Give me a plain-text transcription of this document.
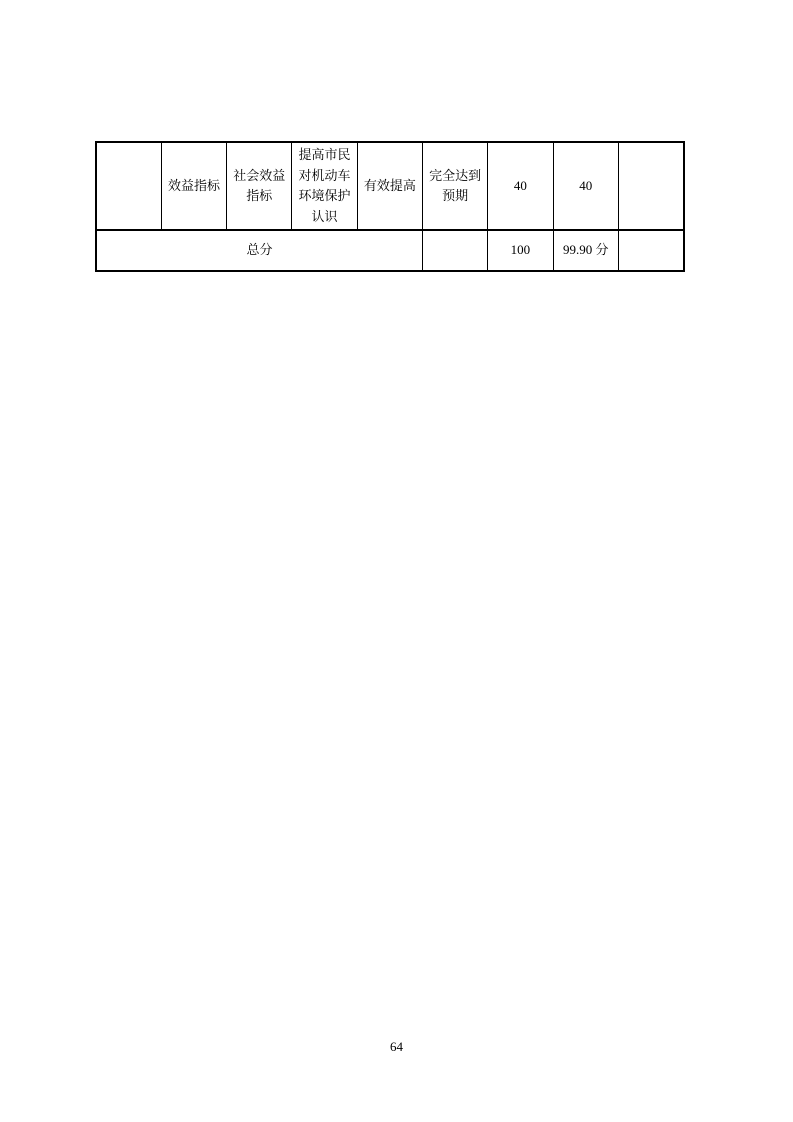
	效益指标	社会效益指标	提高市民对机动车环境保护认识	有效提高	完全达到预期	40	40	
总分						100	99.90 分	
64
